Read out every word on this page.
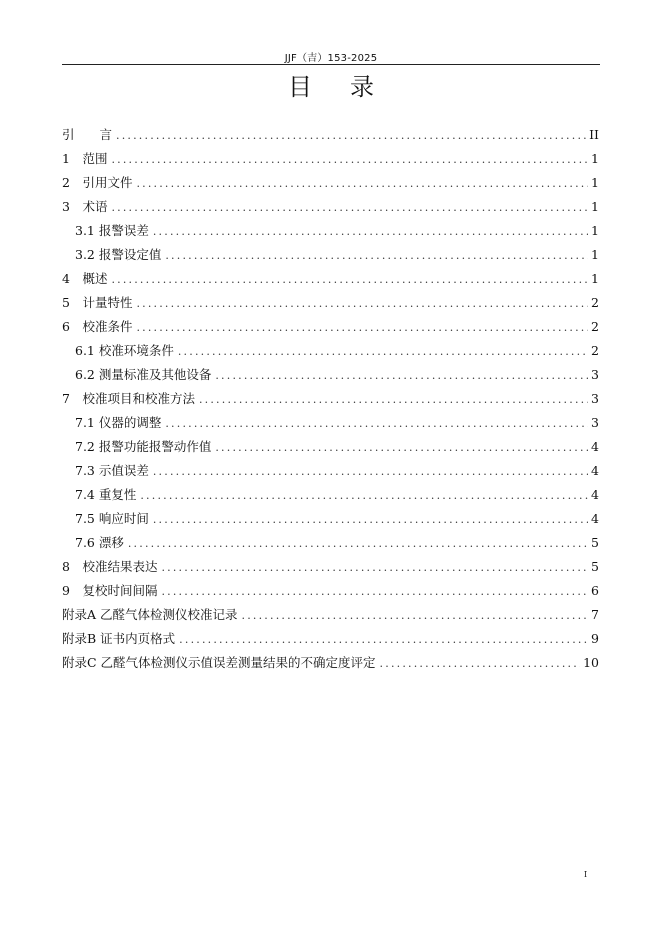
JJF（吉）153-2025
目录
引　　言 .....	II
1　范围 .....	1
2　引用文件 .....	1
3　术语 .....	1
3.1 报警误差 .....	1
3.2 报警设定值 .....	1
4　概述 .....	1
5　计量特性 .....	2
6　校准条件 .....	2
6.1 校准环境条件 .....	2
6.2 测量标准及其他设备 .....	3
7　校准项目和校准方法 .....	3
7.1 仪器的调整 .....	3
7.2 报警功能报警动作值 .....	4
7.3 示值误差 .....	4
7.4 重复性 .....	4
7.5 响应时间 .....	4
7.6 漂移 .....	5
8　校准结果表达 .....	5
9　复校时间间隔 .....	6
附录A 乙醛气体检测仪校准记录 .....	7
附录B 证书内页格式 .....	9
附录C 乙醛气体检测仪示值误差测量结果的不确定度评定 .....	10
I
